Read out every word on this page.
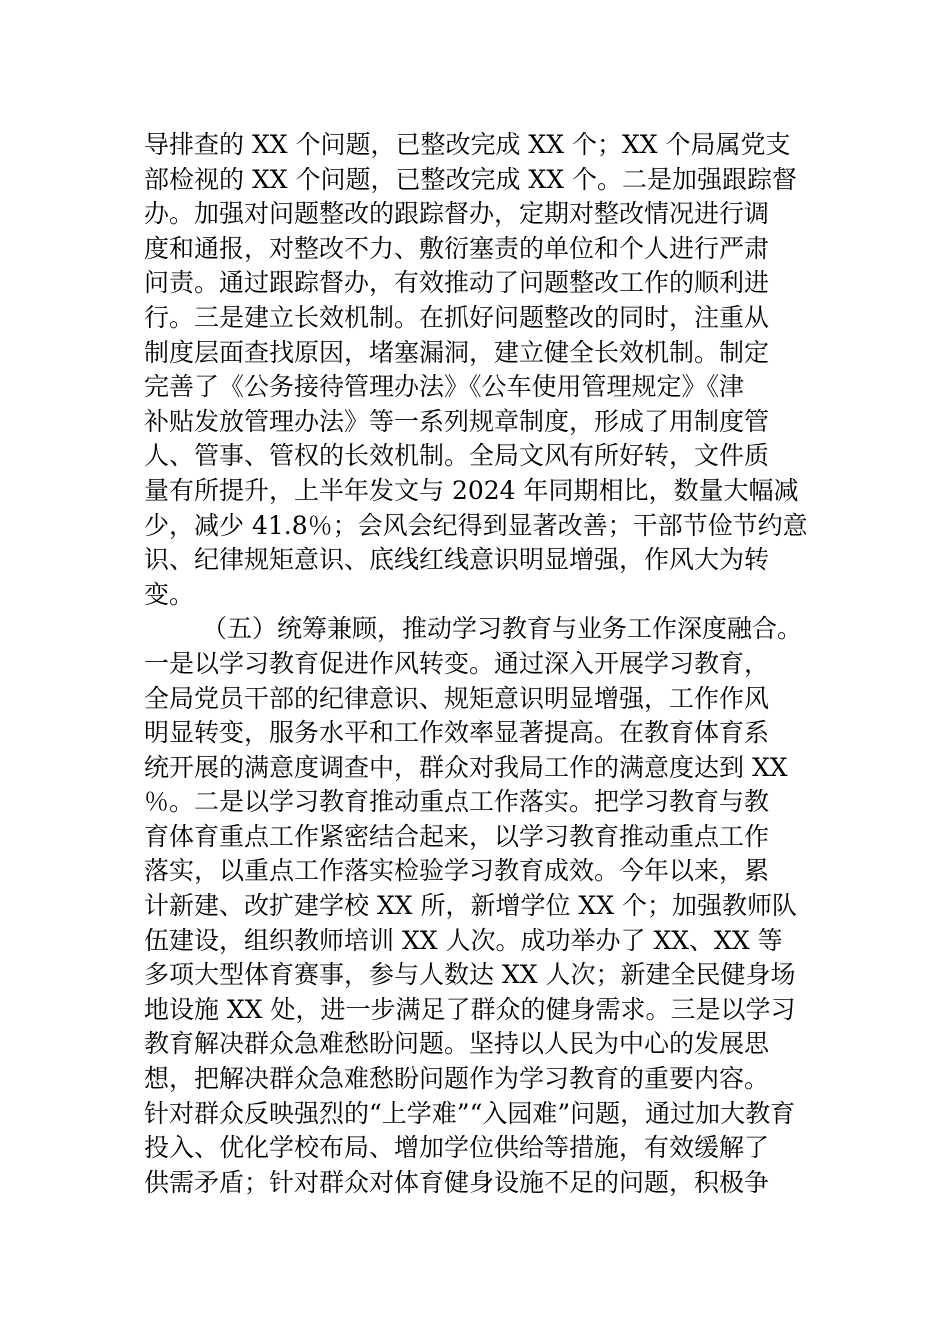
导排查的 XX 个问题，已整改完成 XX 个；XX 个局属党支
部检视的 XX 个问题，已整改完成 XX 个。二是加强跟踪督
办。加强对问题整改的跟踪督办，定期对整改情况进行调
度和通报，对整改不力、敷衍塞责的单位和个人进行严肃
问责。通过跟踪督办，有效推动了问题整改工作的顺利进
行。三是建立长效机制。在抓好问题整改的同时，注重从
制度层面查找原因，堵塞漏洞，建立健全长效机制。制定
完善了《公务接待管理办法》《公车使用管理规定》《津
补贴发放管理办法》等一系列规章制度，形成了用制度管
人、管事、管权的长效机制。全局文风有所好转，文件质
量有所提升，上半年发文与 2024 年同期相比，数量大幅减
少，减少 41.8％；会风会纪得到显著改善；干部节俭节约意
识、纪律规矩意识、底线红线意识明显增强，作风大为转
变。
（五）统筹兼顾，推动学习教育与业务工作深度融合。
一是以学习教育促进作风转变。通过深入开展学习教育，
全局党员干部的纪律意识、规矩意识明显增强，工作作风
明显转变，服务水平和工作效率显著提高。在教育体育系
统开展的满意度调查中，群众对我局工作的满意度达到 XX
％。二是以学习教育推动重点工作落实。把学习教育与教
育体育重点工作紧密结合起来，以学习教育推动重点工作
落实，以重点工作落实检验学习教育成效。今年以来，累
计新建、改扩建学校 XX 所，新增学位 XX 个；加强教师队
伍建设，组织教师培训 XX 人次。成功举办了 XX、XX 等
多项大型体育赛事，参与人数达 XX 人次；新建全民健身场
地设施 XX 处，进一步满足了群众的健身需求。三是以学习
教育解决群众急难愁盼问题。坚持以人民为中心的发展思
想，把解决群众急难愁盼问题作为学习教育的重要内容。
针对群众反映强烈的“上学难”“入园难”问题，通过加大教育
投入、优化学校布局、增加学位供给等措施，有效缓解了
供需矛盾；针对群众对体育健身设施不足的问题，积极争
